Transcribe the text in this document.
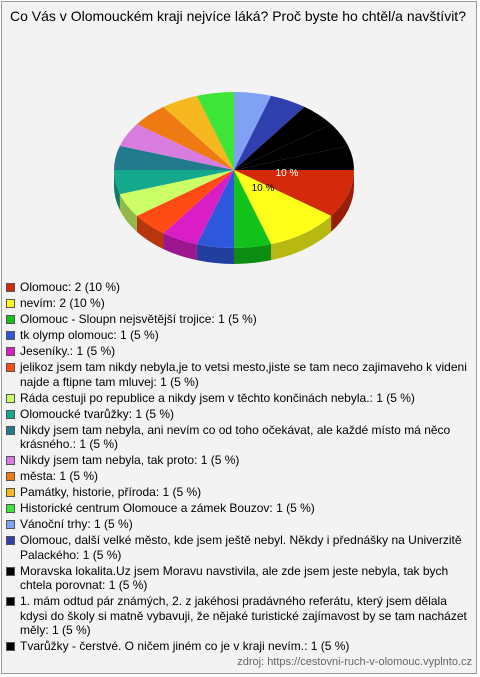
Co Vás v Olomouckém kraji nejvíce láká? Proč byste ho chtěl/a navštívit?
10 %
10 %
Olomouc: 2 (10 %)
nevím: 2 (10 %)
Olomouc - Sloupn nejsvětější trojice: 1 (5 %)
tk olymp olomouc: 1 (5 %)
Jeseníky.: 1 (5 %)
jelikoz jsem tam nikdy nebyla,je to vetsi mesto,jiste se tam neco zajimaveho k videni najde a ftipne tam mluvej: 1 (5 %)
Ráda cestuji po republice a nikdy jsem v těchto končinách nebyla.: 1 (5 %)
Olomoucké tvarůžky: 1 (5 %)
Nikdy jsem tam nebyla, ani nevím co od toho očekávat, ale každé místo má něco krásného.: 1 (5 %)
Nikdy jsem tam nebyla, tak proto: 1 (5 %)
města: 1 (5 %)
Památky, historie, příroda: 1 (5 %)
Historické centrum Olomouce a zámek Bouzov: 1 (5 %)
Vánoční trhy: 1 (5 %)
Olomouc, další velké město, kde jsem ještě nebyl. Někdy i přednášky na Univerzitě Palackého: 1 (5 %)
Moravska lokalita.Uz jsem Moravu navstivila, ale zde jsem jeste nebyla, tak bych chtela porovnat: 1 (5 %)
1. mám odtud pár známých, 2. z jakéhosi pradávného referátu, který jsem dělala kdysi do školy si matně vybavuji, že nějaké turistické zajímavost by se tam nacházet měly: 1 (5 %)
Tvarůžky - čerstvé. O ničem jiném co je v kraji nevím.: 1 (5 %)
zdroj: https://cestovni-ruch-v-olomouc.vyplnto.cz
